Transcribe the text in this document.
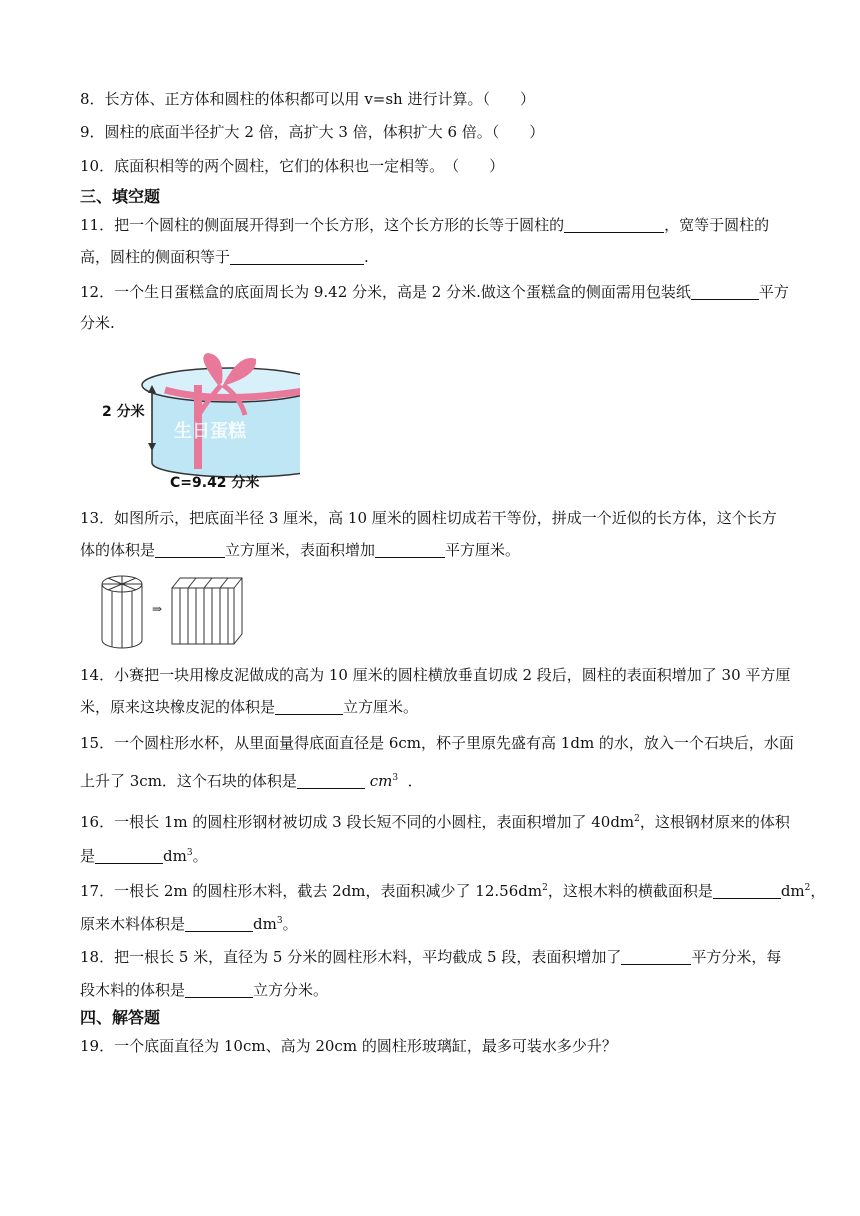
8．长方体、正方体和圆柱的体积都可以用 v=sh 进行计算。（　　）
9．圆柱的底面半径扩大 2 倍，高扩大 3 倍，体积扩大 6 倍。（　　）
10．底面积相等的两个圆柱，它们的体积也一定相等。　（　　）
三、填空题
11．把一个圆柱的侧面展开得到一个长方形，这个长方形的长等于圆柱的	，宽等于圆柱的
高，圆柱的侧面积等于	.
12．一个生日蛋糕盒的底面周长为 9.42 分米，高是 2 分米.做这个蛋糕盒的侧面需用包装纸	平方
分米.
生日蛋糕
2 分米
C=9.42 分米
13．如图所示，把底面半径 3 厘米，高 10 厘米的圆柱切成若干等份，拼成一个近似的长方体，这个长方
体的体积是	立方厘米，表面积增加	平方厘米。
⇒
14．小赛把一块用橡皮泥做成的高为 10 厘米的圆柱横放垂直切成 2 段后，圆柱的表面积增加了 30 平方厘
米，原来这块橡皮泥的体积是	立方厘米。
15．一个圆柱形水杯，从里面量得底面直径是 6cm，杯子里原先盛有高 1dm 的水，放入一个石块后，水面
上升了 3cm．这个石块的体积是	$cm^3$ ．
16．一根长 1m 的圆柱形钢材被切成 3 段长短不同的小圆柱，表面积增加了 $40dm^2$，这根钢材原来的体积
是	$dm^3$。
17．一根长 2m 的圆柱形木料，截去 2dm，表面积减少了 $12.56dm^2$，这根木料的横截面积是	$dm^2$，
原来木料体积是	$dm^3$。
18．把一根长 5 米，直径为 5 分米的圆柱形木料，平均截成 5 段，表面积增加了	平方分米，每
段木料的体积是	立方分米。
四、解答题
19．一个底面直径为 10cm、高为 20cm 的圆柱形玻璃缸，最多可装水多少升？
